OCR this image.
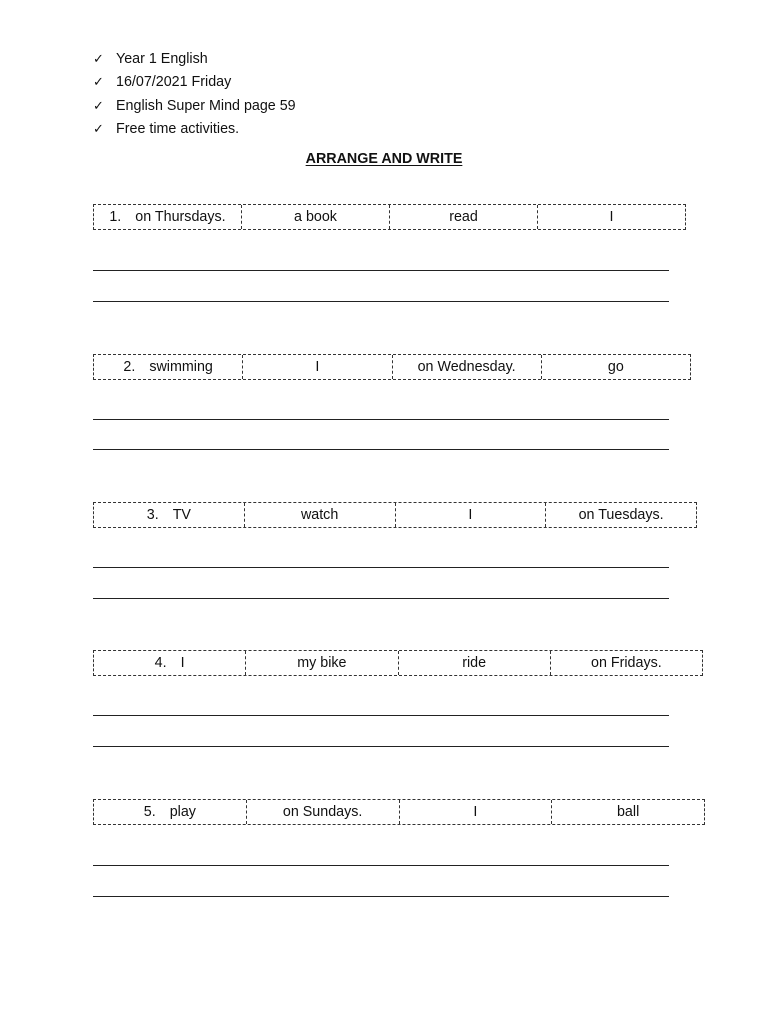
✓ Year 1 English
✓ 16/07/2021 Friday
✓ English Super Mind page 59
✓ Free time activities.
ARRANGE AND WRITE
1. on Thursdays.	a book	read	I
2. swimming	I	on Wednesday.	go
3. TV	watch	I	on Tuesdays.
4. I	my bike	ride	on Fridays.
5. play	on Sundays.	I	ball
